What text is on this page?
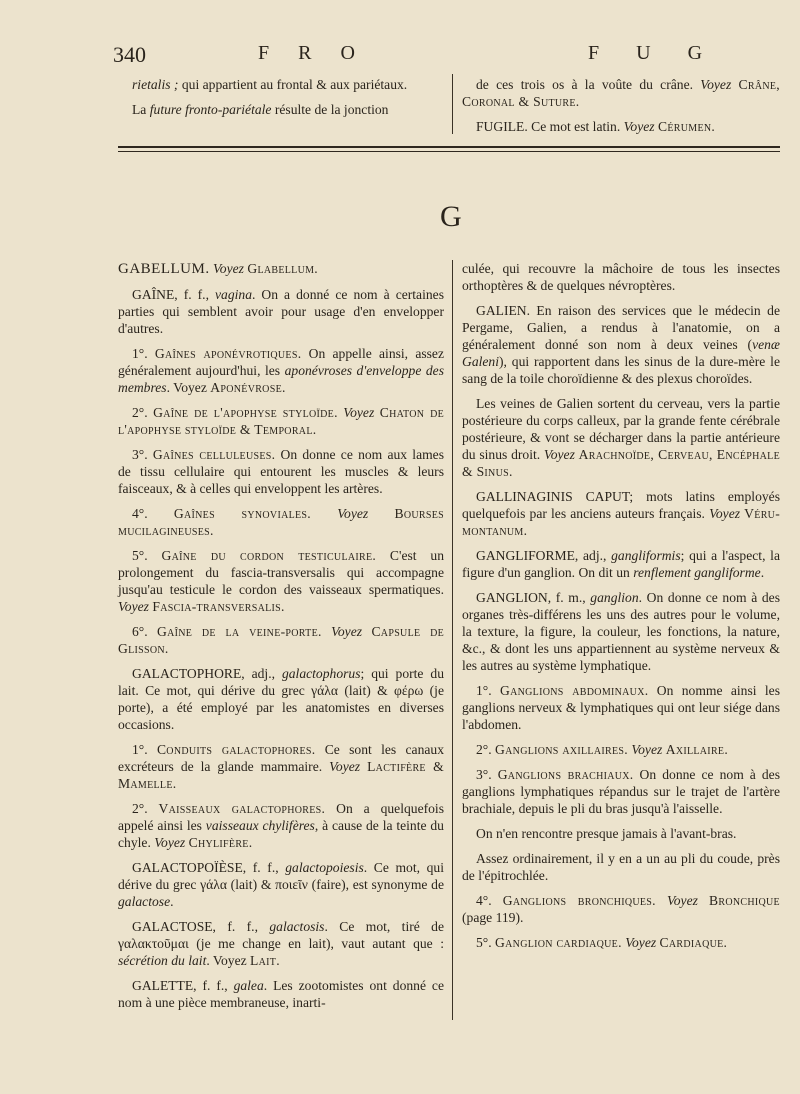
340	F R O	F U G

rietalis ; qui appartient au frontal & aux pariétaux.

La future fronto-pariétale résulte de la jonction

de ces trois os à la voûte du crâne. Voyez Crâne, Coronal & Suture.

FUGILE. Ce mot est latin. Voyez Cérumen.

G

GABELLUM. Voyez Glabellum.

GAÎNE, f. f., vagina. On a donné ce nom à certaines parties qui semblent avoir pour usage d'en envelopper d'autres.

1°. Gaînes aponévrotiques. On appelle ainsi, assez généralement aujourd'hui, les aponévroses d'enveloppe des membres. Voyez Aponévrose.

2°. Gaîne de l'apophyse styloïde. Voyez Chaton de l'apophyse styloïde & Temporal.

3°. Gaînes celluleuses. On donne ce nom aux lames de tissu cellulaire qui entourent les muscles & leurs faisceaux, & à celles qui enveloppent les artères.

4°. Gaînes synoviales. Voyez Bourses mucilagineuses.

5°. Gaîne du cordon testiculaire. C'est un prolongement du fascia-transversalis qui accompagne jusqu'au testicule le cordon des vaisseaux spermatiques. Voyez Fascia-transversalis.

6°. Gaîne de la veine-porte. Voyez Capsule de Glisson.

GALACTOPHORE, adj., galactophorus; qui porte du lait. Ce mot, qui dérive du grec γάλα (lait) & φέρω (je porte), a été employé par les anatomistes en diverses occasions.

1°. Conduits galactophores. Ce sont les canaux excréteurs de la glande mammaire. Voyez Lactifère & Mamelle.

2°. Vaisseaux galactophores. On a quelquefois appelé ainsi les vaisseaux chylifères, à cause de la teinte du chyle. Voyez Chylifère.

GALACTOPOÏÈSE, f. f., galactopoiesis. Ce mot, qui dérive du grec γάλα (lait) & ποιεῖν (faire), est synonyme de galactose.

GALACTOSE, f. f., galactosis. Ce mot, tiré de γαλακτοῦμαι (je me change en lait), vaut autant que : sécrétion du lait. Voyez Lait.

GALETTE, f. f., galea. Les zootomistes ont donné ce nom à une pièce membraneuse, inarti-

culée, qui recouvre la mâchoire de tous les insectes orthoptères & de quelques névroptères.

GALIEN. En raison des services que le médecin de Pergame, Galien, a rendus à l'anatomie, on a généralement donné son nom à deux veines (venæ Galeni), qui rapportent dans les sinus de la dure-mère le sang de la toile choroïdienne & des plexus choroïdes.

Les veines de Galien sortent du cerveau, vers la partie postérieure du corps calleux, par la grande fente cérébrale postérieure, & vont se décharger dans la partie antérieure du sinus droit. Voyez Arachnoïde, Cerveau, Encéphale & Sinus.

GALLINAGINIS CAPUT; mots latins employés quelquefois par les anciens auteurs français. Voyez Véru-montanum.

GANGLIFORME, adj., gangliformis; qui a l'aspect, la figure d'un ganglion. On dit un renflement gangliforme.

GANGLION, f. m., ganglion. On donne ce nom à des organes très-différens les uns des autres pour le volume, la texture, la figure, la couleur, les fonctions, la nature, &c., & dont les uns appartiennent au système nerveux & les autres au système lymphatique.

1°. Ganglions abdominaux. On nomme ainsi les ganglions nerveux & lymphatiques qui ont leur siége dans l'abdomen.

2°. Ganglions axillaires. Voyez Axillaire.

3°. Ganglions brachiaux. On donne ce nom à des ganglions lymphatiques répandus sur le trajet de l'artère brachiale, depuis le pli du bras jusqu'à l'aisselle.

On n'en rencontre presque jamais à l'avant-bras.

Assez ordinairement, il y en a un au pli du coude, près de l'épitrochlée.

4°. Ganglions bronchiques. Voyez Bronchique (page 119).

5°. Ganglion cardiaque. Voyez Cardiaque.
